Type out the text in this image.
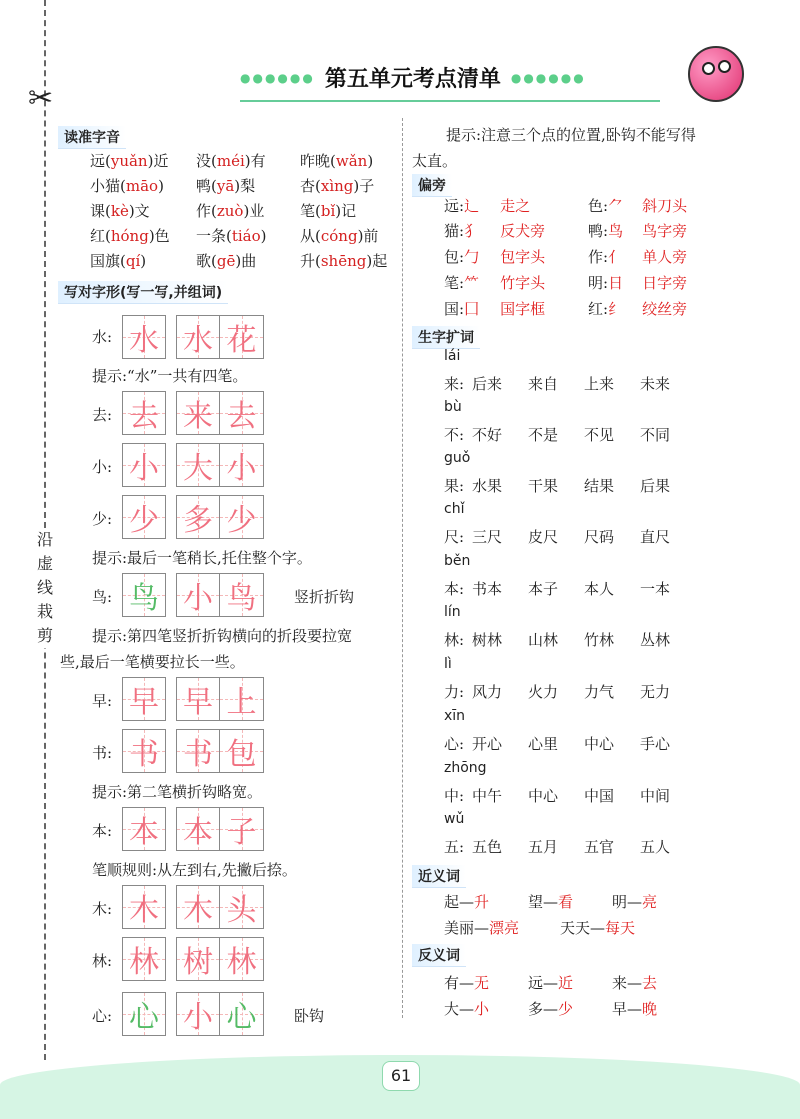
✂
沿虚线栽剪
●●●●●● 第五单元考点清单 ●●●●●●
读准字音
远(yuǎn)近 没(méi)有 昨晚(wǎn)
小猫(māo) 鸭(yā)梨	杏(xìng)子
课(kè)文	作(zuò)业 笔(bǐ)记
红(hóng)色 一条(tiáo) 从(cóng)前
国旗(qí)	歌(gē)曲	升(shēng)起
写对字形(写一写,并组词)
水: 水 水 花
提示:“水”一共有四笔。
去: 去 来 去
小: 小 大 小
少: 少 多 少
提示:最后一笔稍长,托住整个字。
鸟: 鸟 小 鸟	竖折折钩
提示:第四笔竖折折钩横向的折段要拉宽
些,最后一笔横要拉长一些。
早: 早 早 上
书: 书 书 包
提示:第二笔横折钩略宽。
本: 本 本 子
笔顺规则:从左到右,先撇后捺。
木: 木 木 头
林: 林 树 林
心: 心 小 心	卧钩
提示:注意三个点的位置,卧钩不能写得
太直。
偏旁
远:辶 走之	色:⺈ 斜刀头
猫:犭 反犬旁	鸭:鸟 鸟字旁
包:勹 包字头	作:亻 单人旁
笔:⺮ 竹字头	明:日 日字旁
国:囗 国字框	红:纟 绞丝旁
生字扩词
lái
来: 后来	来自	上来	未来
bù
不: 不好	不是	不见	不同
guǒ
果: 水果	干果	结果	后果
chǐ
尺: 三尺	皮尺	尺码	直尺
běn
本: 书本	本子	本人	一本
lín
林: 树林	山林	竹林	丛林
lì
力: 风力	火力	力气	无力
xīn
心: 开心	心里	中心	手心
zhōng
中: 中午	中心	中国	中间
wǔ
五: 五色	五月	五官	五人
近义词
起—升	望—看	明—亮
美丽—漂亮	天天—每天
反义词
有—无	远—近	来—去
大—小	多—少	早—晚
61
